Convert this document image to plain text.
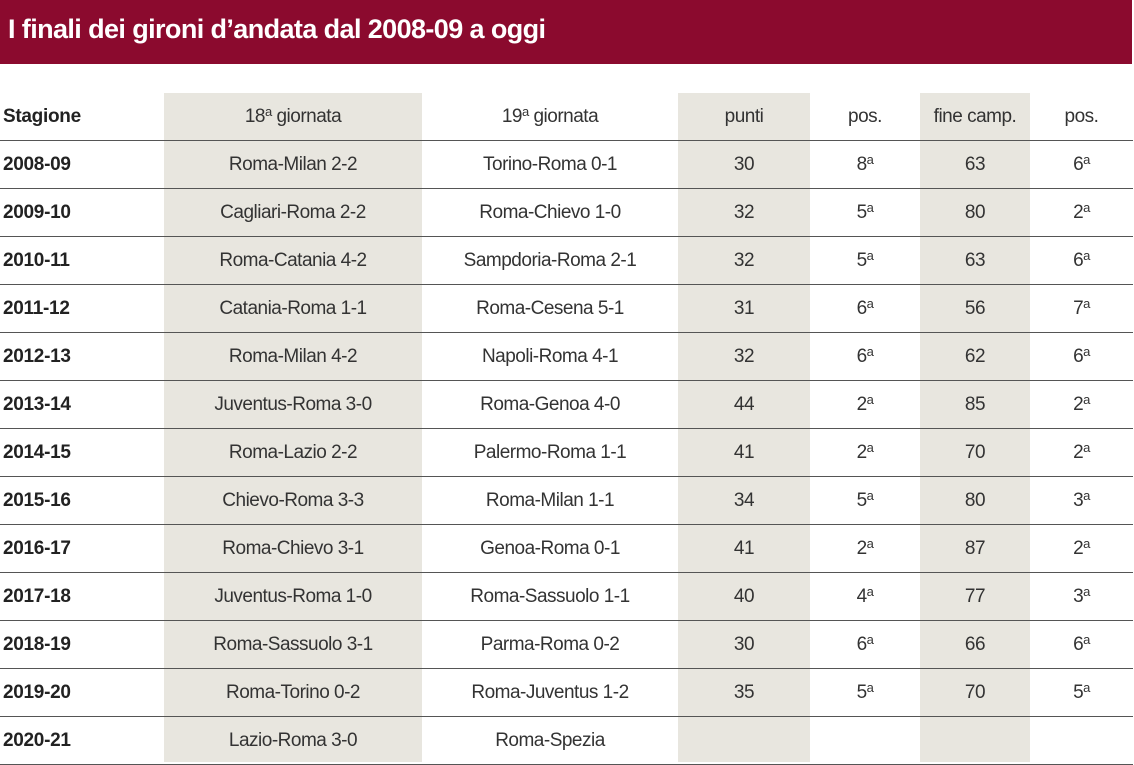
I finali dei gironi d’andata dal 2008-09 a oggi
Stagione	18$^a$ giornata	19$^a$ giornata	punti	pos.	fine camp.	pos.
2008-09	Roma-Milan 2-2	Torino-Roma 0-1	30	8$^a$	63	6$^a$
2009-10	Cagliari-Roma 2-2	Roma-Chievo 1-0	32	5$^a$	80	2$^a$
2010-11	Roma-Catania 4-2	Sampdoria-Roma 2-1	32	5$^a$	63	6$^a$
2011-12	Catania-Roma 1-1	Roma-Cesena 5-1	31	6$^a$	56	7$^a$
2012-13	Roma-Milan 4-2	Napoli-Roma 4-1	32	6$^a$	62	6$^a$
2013-14	Juventus-Roma 3-0	Roma-Genoa 4-0	44	2$^a$	85	2$^a$
2014-15	Roma-Lazio 2-2	Palermo-Roma 1-1	41	2$^a$	70	2$^a$
2015-16	Chievo-Roma 3-3	Roma-Milan 1-1	34	5$^a$	80	3$^a$
2016-17	Roma-Chievo 3-1	Genoa-Roma 0-1	41	2$^a$	87	2$^a$
2017-18	Juventus-Roma 1-0	Roma-Sassuolo 1-1	40	4$^a$	77	3$^a$
2018-19	Roma-Sassuolo 3-1	Parma-Roma 0-2	30	6$^a$	66	6$^a$
2019-20	Roma-Torino 0-2	Roma-Juventus 1-2	35	5$^a$	70	5$^a$
2020-21	Lazio-Roma 3-0	Roma-Spezia				
